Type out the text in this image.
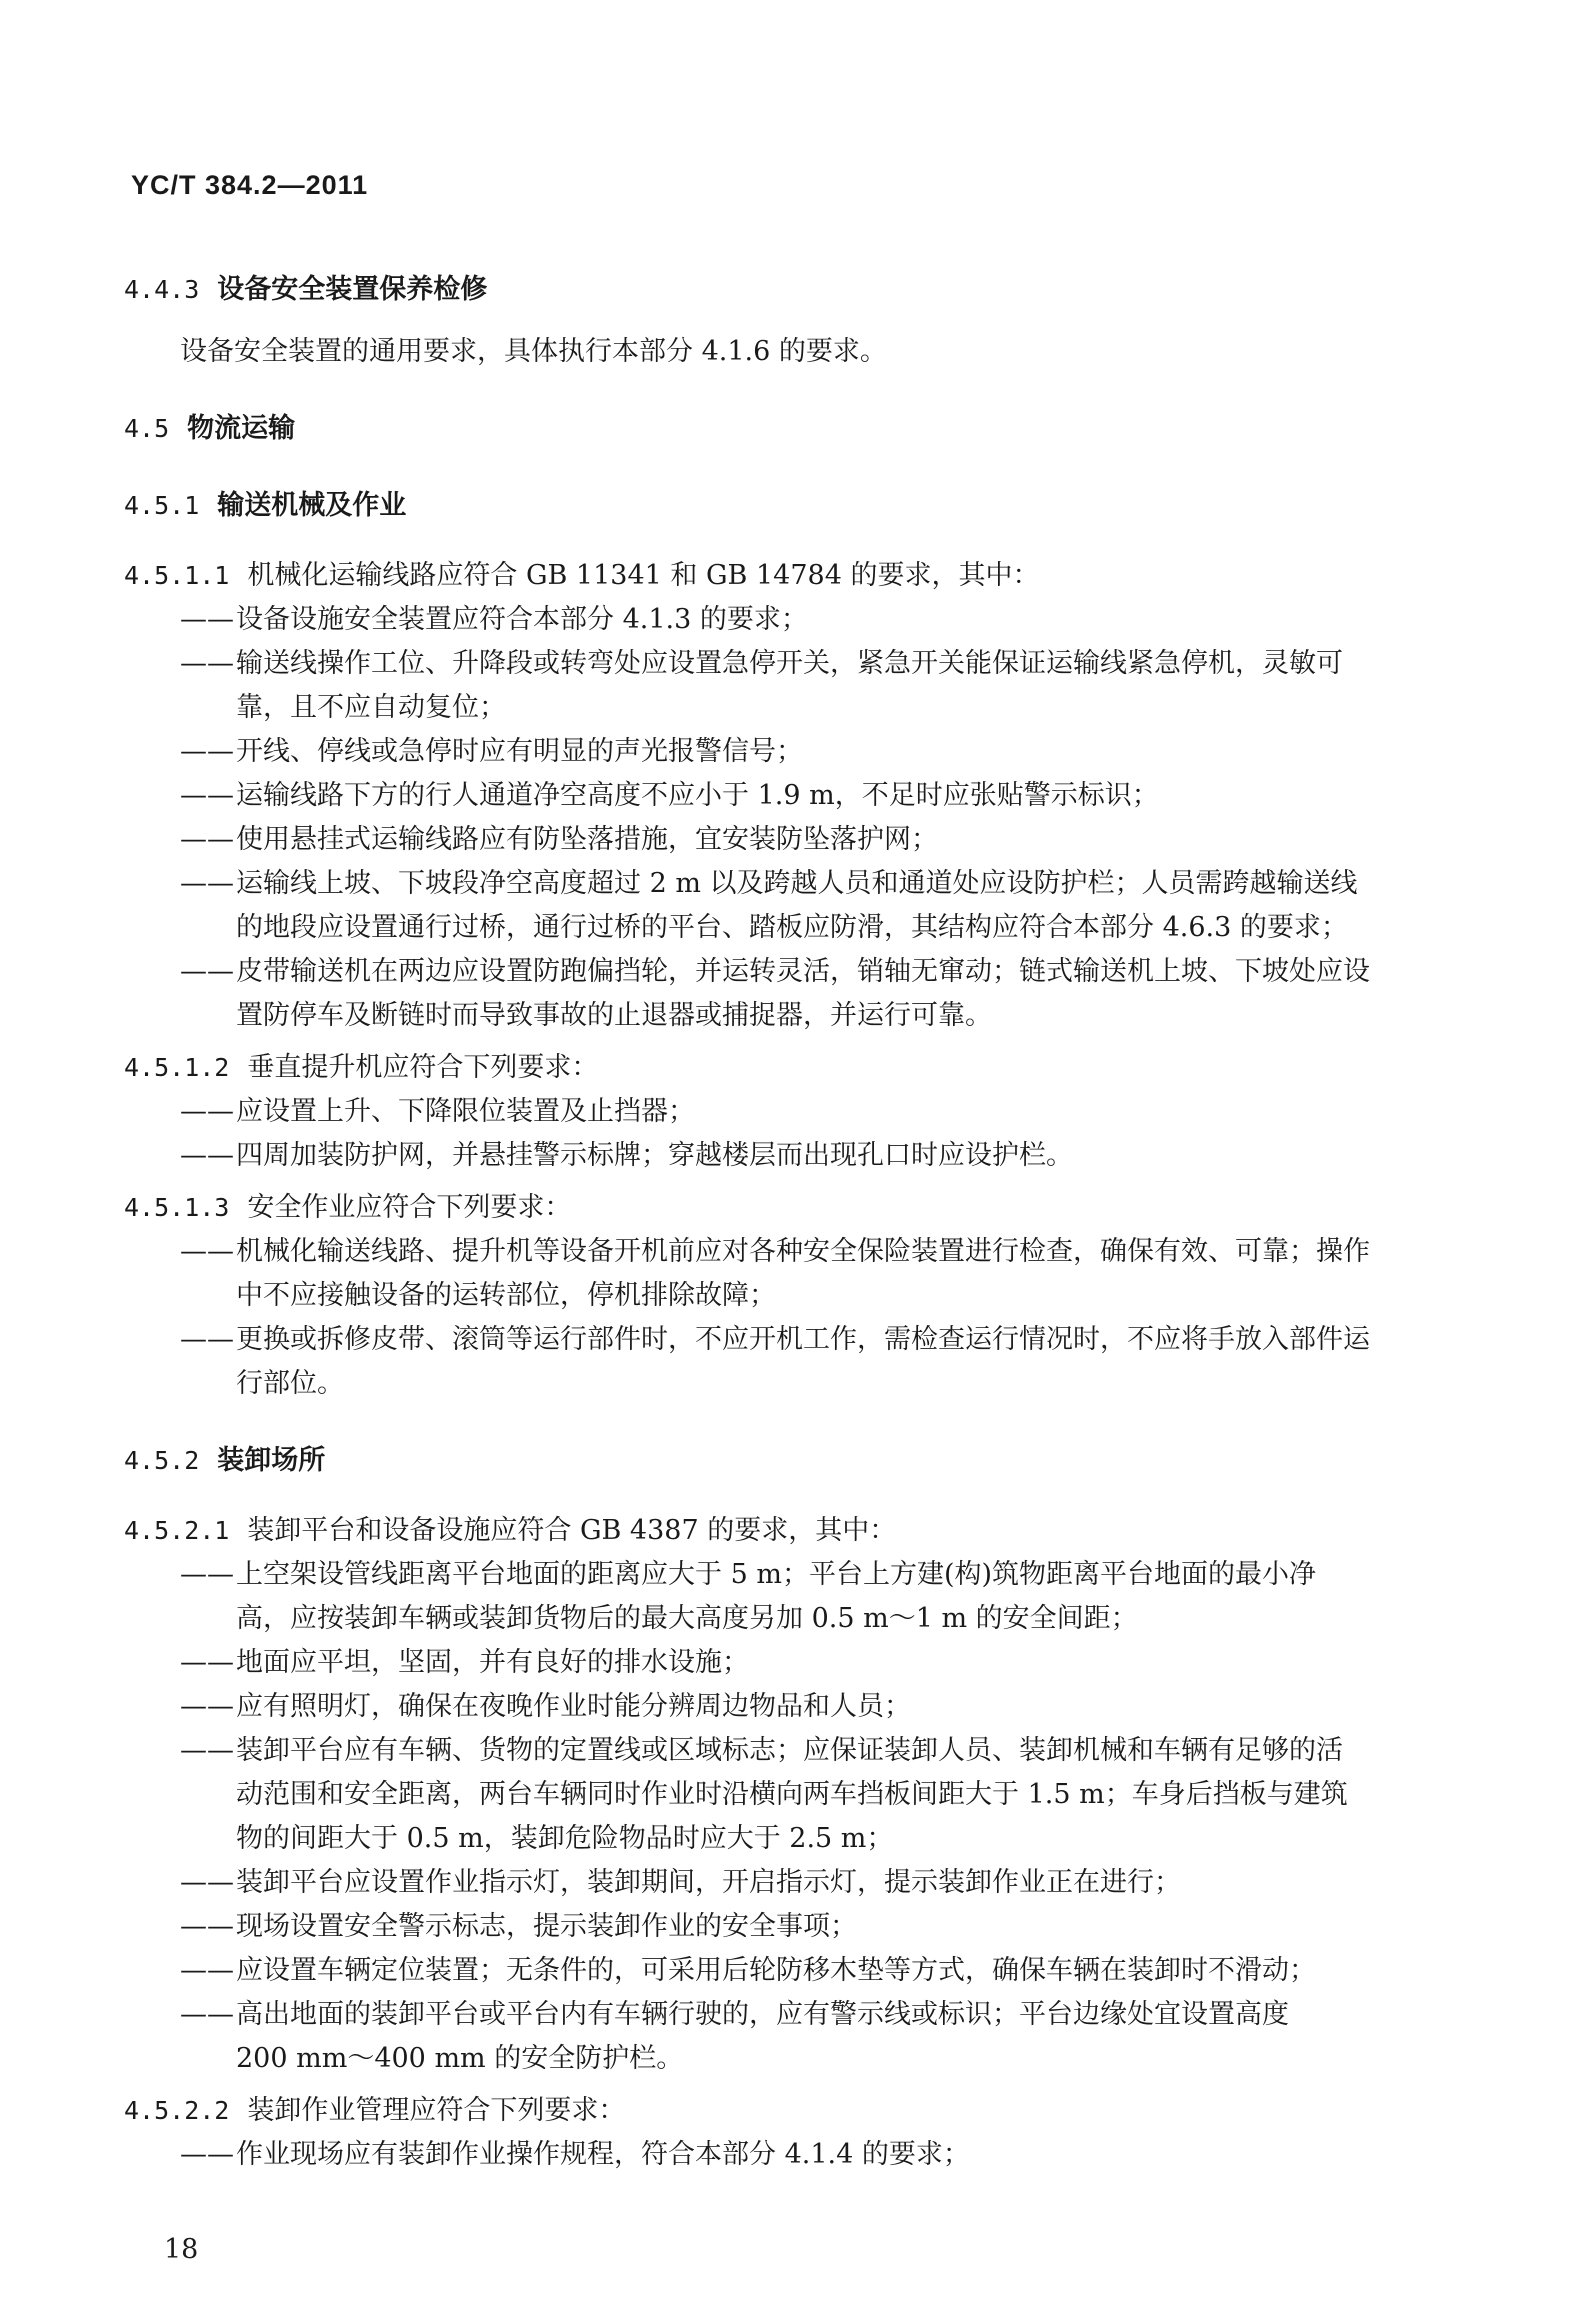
YC/T 384.2—2011
4.4.3 设备安全装置保养检修
设备安全装置的通用要求，具体执行本部分 4.1.6 的要求。
4.5 物流运输
4.5.1 输送机械及作业
4.5.1.1 机械化运输线路应符合 GB 11341 和 GB 14784 的要求，其中：
——设备设施安全装置应符合本部分 4.1.3 的要求；
——输送线操作工位、升降段或转弯处应设置急停开关，紧急开关能保证运输线紧急停机，灵敏可
靠，且不应自动复位；
——开线、停线或急停时应有明显的声光报警信号；
——运输线路下方的行人通道净空高度不应小于 1.9 m，不足时应张贴警示标识；
——使用悬挂式运输线路应有防坠落措施，宜安装防坠落护网；
——运输线上坡、下坡段净空高度超过 2 m 以及跨越人员和通道处应设防护栏；人员需跨越输送线
的地段应设置通行过桥，通行过桥的平台、踏板应防滑，其结构应符合本部分 4.6.3 的要求；
——皮带输送机在两边应设置防跑偏挡轮，并运转灵活，销轴无窜动；链式输送机上坡、下坡处应设
置防停车及断链时而导致事故的止退器或捕捉器，并运行可靠。
4.5.1.2 垂直提升机应符合下列要求：
——应设置上升、下降限位装置及止挡器；
——四周加装防护网，并悬挂警示标牌；穿越楼层而出现孔口时应设护栏。
4.5.1.3 安全作业应符合下列要求：
——机械化输送线路、提升机等设备开机前应对各种安全保险装置进行检查，确保有效、可靠；操作
中不应接触设备的运转部位，停机排除故障；
——更换或拆修皮带、滚筒等运行部件时，不应开机工作，需检查运行情况时，不应将手放入部件运
行部位。
4.5.2 装卸场所
4.5.2.1 装卸平台和设备设施应符合 GB 4387 的要求，其中：
——上空架设管线距离平台地面的距离应大于 5 m；平台上方建(构)筑物距离平台地面的最小净
高，应按装卸车辆或装卸货物后的最大高度另加 0.5 m～1 m 的安全间距；
——地面应平坦，坚固，并有良好的排水设施；
——应有照明灯，确保在夜晚作业时能分辨周边物品和人员；
——装卸平台应有车辆、货物的定置线或区域标志；应保证装卸人员、装卸机械和车辆有足够的活
动范围和安全距离，两台车辆同时作业时沿横向两车挡板间距大于 1.5 m；车身后挡板与建筑
物的间距大于 0.5 m，装卸危险物品时应大于 2.5 m；
——装卸平台应设置作业指示灯，装卸期间，开启指示灯，提示装卸作业正在进行；
——现场设置安全警示标志，提示装卸作业的安全事项；
——应设置车辆定位装置；无条件的，可采用后轮防移木垫等方式，确保车辆在装卸时不滑动；
——高出地面的装卸平台或平台内有车辆行驶的，应有警示线或标识；平台边缘处宜设置高度
200 mm～400 mm 的安全防护栏。
4.5.2.2 装卸作业管理应符合下列要求：
——作业现场应有装卸作业操作规程，符合本部分 4.1.4 的要求；
18
